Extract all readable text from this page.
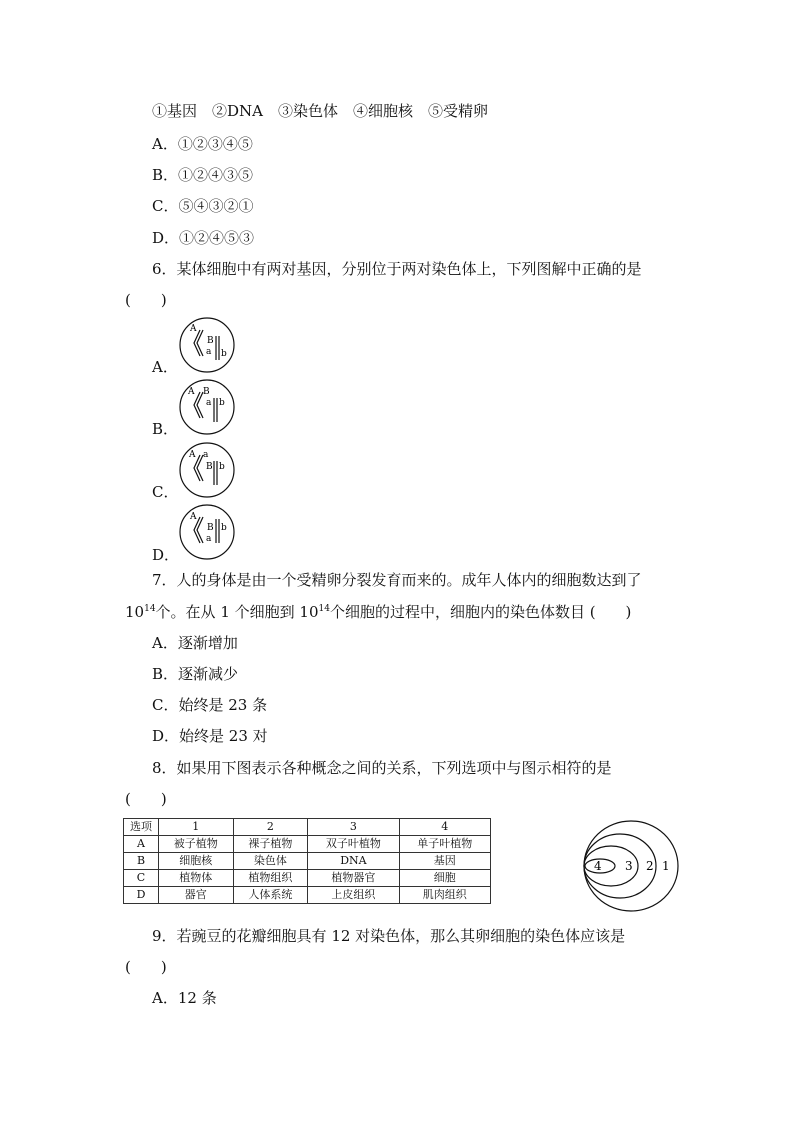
①基因　②DNA　③染色体　④细胞核　⑤受精卵
A．①②③④⑤
B．①②④③⑤
C．⑤④③②①
D．①②④⑤③
6．某体细胞中有两对基因，分别位于两对染色体上，下列图解中正确的是
(　　)
A．
A
B
a b
B．
A B
a b
C．
A a
B b
D．
A
B
a
b
7．人的身体是由一个受精卵分裂发育而来的。成年人体内的细胞数达到了
$10^{14}$个。在从 1 个细胞到 $10^{14}$个细胞的过程中，细胞内的染色体数目 (　　)
A．逐渐增加
B．逐渐减少
C．始终是 23 条
D．始终是 23 对
8．如果用下图表示各种概念之间的关系，下列选项中与图示相符的是
(　　)
选项	1	2	3	4
A	被子植物	裸子植物	双子叶植物	单子叶植物
B	细胞核	染色体	DNA	基因
C	植物体	植物组织	植物器官	细胞
D	器官	人体系统	上皮组织	肌肉组织
4 3 2 1
9．若豌豆的花瓣细胞具有 12 对染色体，那么其卵细胞的染色体应该是
(　　)
A．12 条
